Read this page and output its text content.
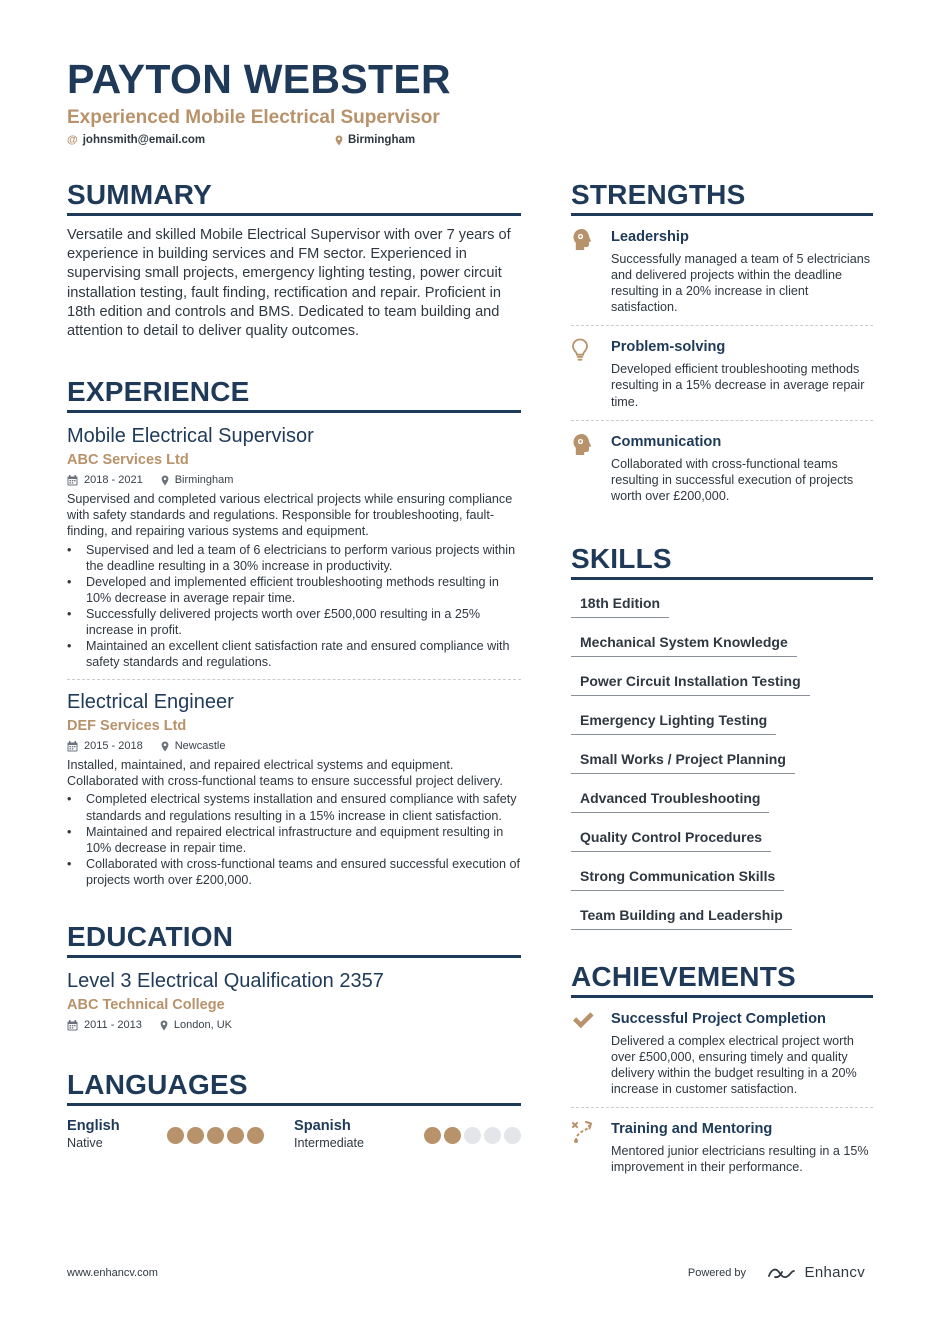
PAYTON WEBSTER
Experienced Mobile Electrical Supervisor
@ johnsmith@email.com	Birmingham
SUMMARY

Versatile and skilled Mobile Electrical Supervisor with over 7 years of experience in building services and FM sector. Experienced in supervising small projects, emergency lighting testing, power circuit installation testing, fault finding, rectification and repair. Proficient in 18th edition and controls and BMS. Dedicated to team building and attention to detail to deliver quality outcomes.

EXPERIENCE
Mobile Electrical Supervisor
ABC Services Ltd
2018 - 2021	Birmingham

Supervised and completed various electrical projects while ensuring compliance with safety standards and regulations. Responsible for troubleshooting, fault-finding, and repairing various systems and equipment.

• Supervised and led a team of 6 electricians to perform various projects within the deadline resulting in a 30% increase in productivity.
• Developed and implemented efficient troubleshooting methods resulting in 10% decrease in average repair time.
• Successfully delivered projects worth over £500,000 resulting in a 25% increase in profit.
• Maintained an excellent client satisfaction rate and ensured compliance with safety standards and regulations.
Electrical Engineer
DEF Services Ltd
2015 - 2018	Newcastle

Installed, maintained, and repaired electrical systems and equipment. Collaborated with cross-functional teams to ensure successful project delivery.

• Completed electrical systems installation and ensured compliance with safety standards and regulations resulting in a 15% increase in client satisfaction.
• Maintained and repaired electrical infrastructure and equipment resulting in 10% decrease in repair time.
• Collaborated with cross-functional teams and ensured successful execution of projects worth over £200,000.
EDUCATION
Level 3 Electrical Qualification 2357
ABC Technical College
2011 - 2013	London, UK
LANGUAGES
English
Native
Spanish
Intermediate
STRENGTHS
Leadership
Successfully managed a team of 5 electricians and delivered projects within the deadline resulting in a 20% increase in client satisfaction.
Problem-solving
Developed efficient troubleshooting methods resulting in a 15% decrease in average repair time.
Communication
Collaborated with cross-functional teams resulting in successful execution of projects worth over £200,000.
SKILLS
18th Edition
Mechanical System Knowledge
Power Circuit Installation Testing
Emergency Lighting Testing
Small Works / Project Planning
Advanced Troubleshooting
Quality Control Procedures
Strong Communication Skills
Team Building and Leadership
ACHIEVEMENTS
Successful Project Completion
Delivered a complex electrical project worth over £500,000, ensuring timely and quality delivery within the budget resulting in a 20% increase in customer satisfaction.
Training and Mentoring
Mentored junior electricians resulting in a 15% improvement in their performance.
www.enhancv.com	Powered by	Enhancv
